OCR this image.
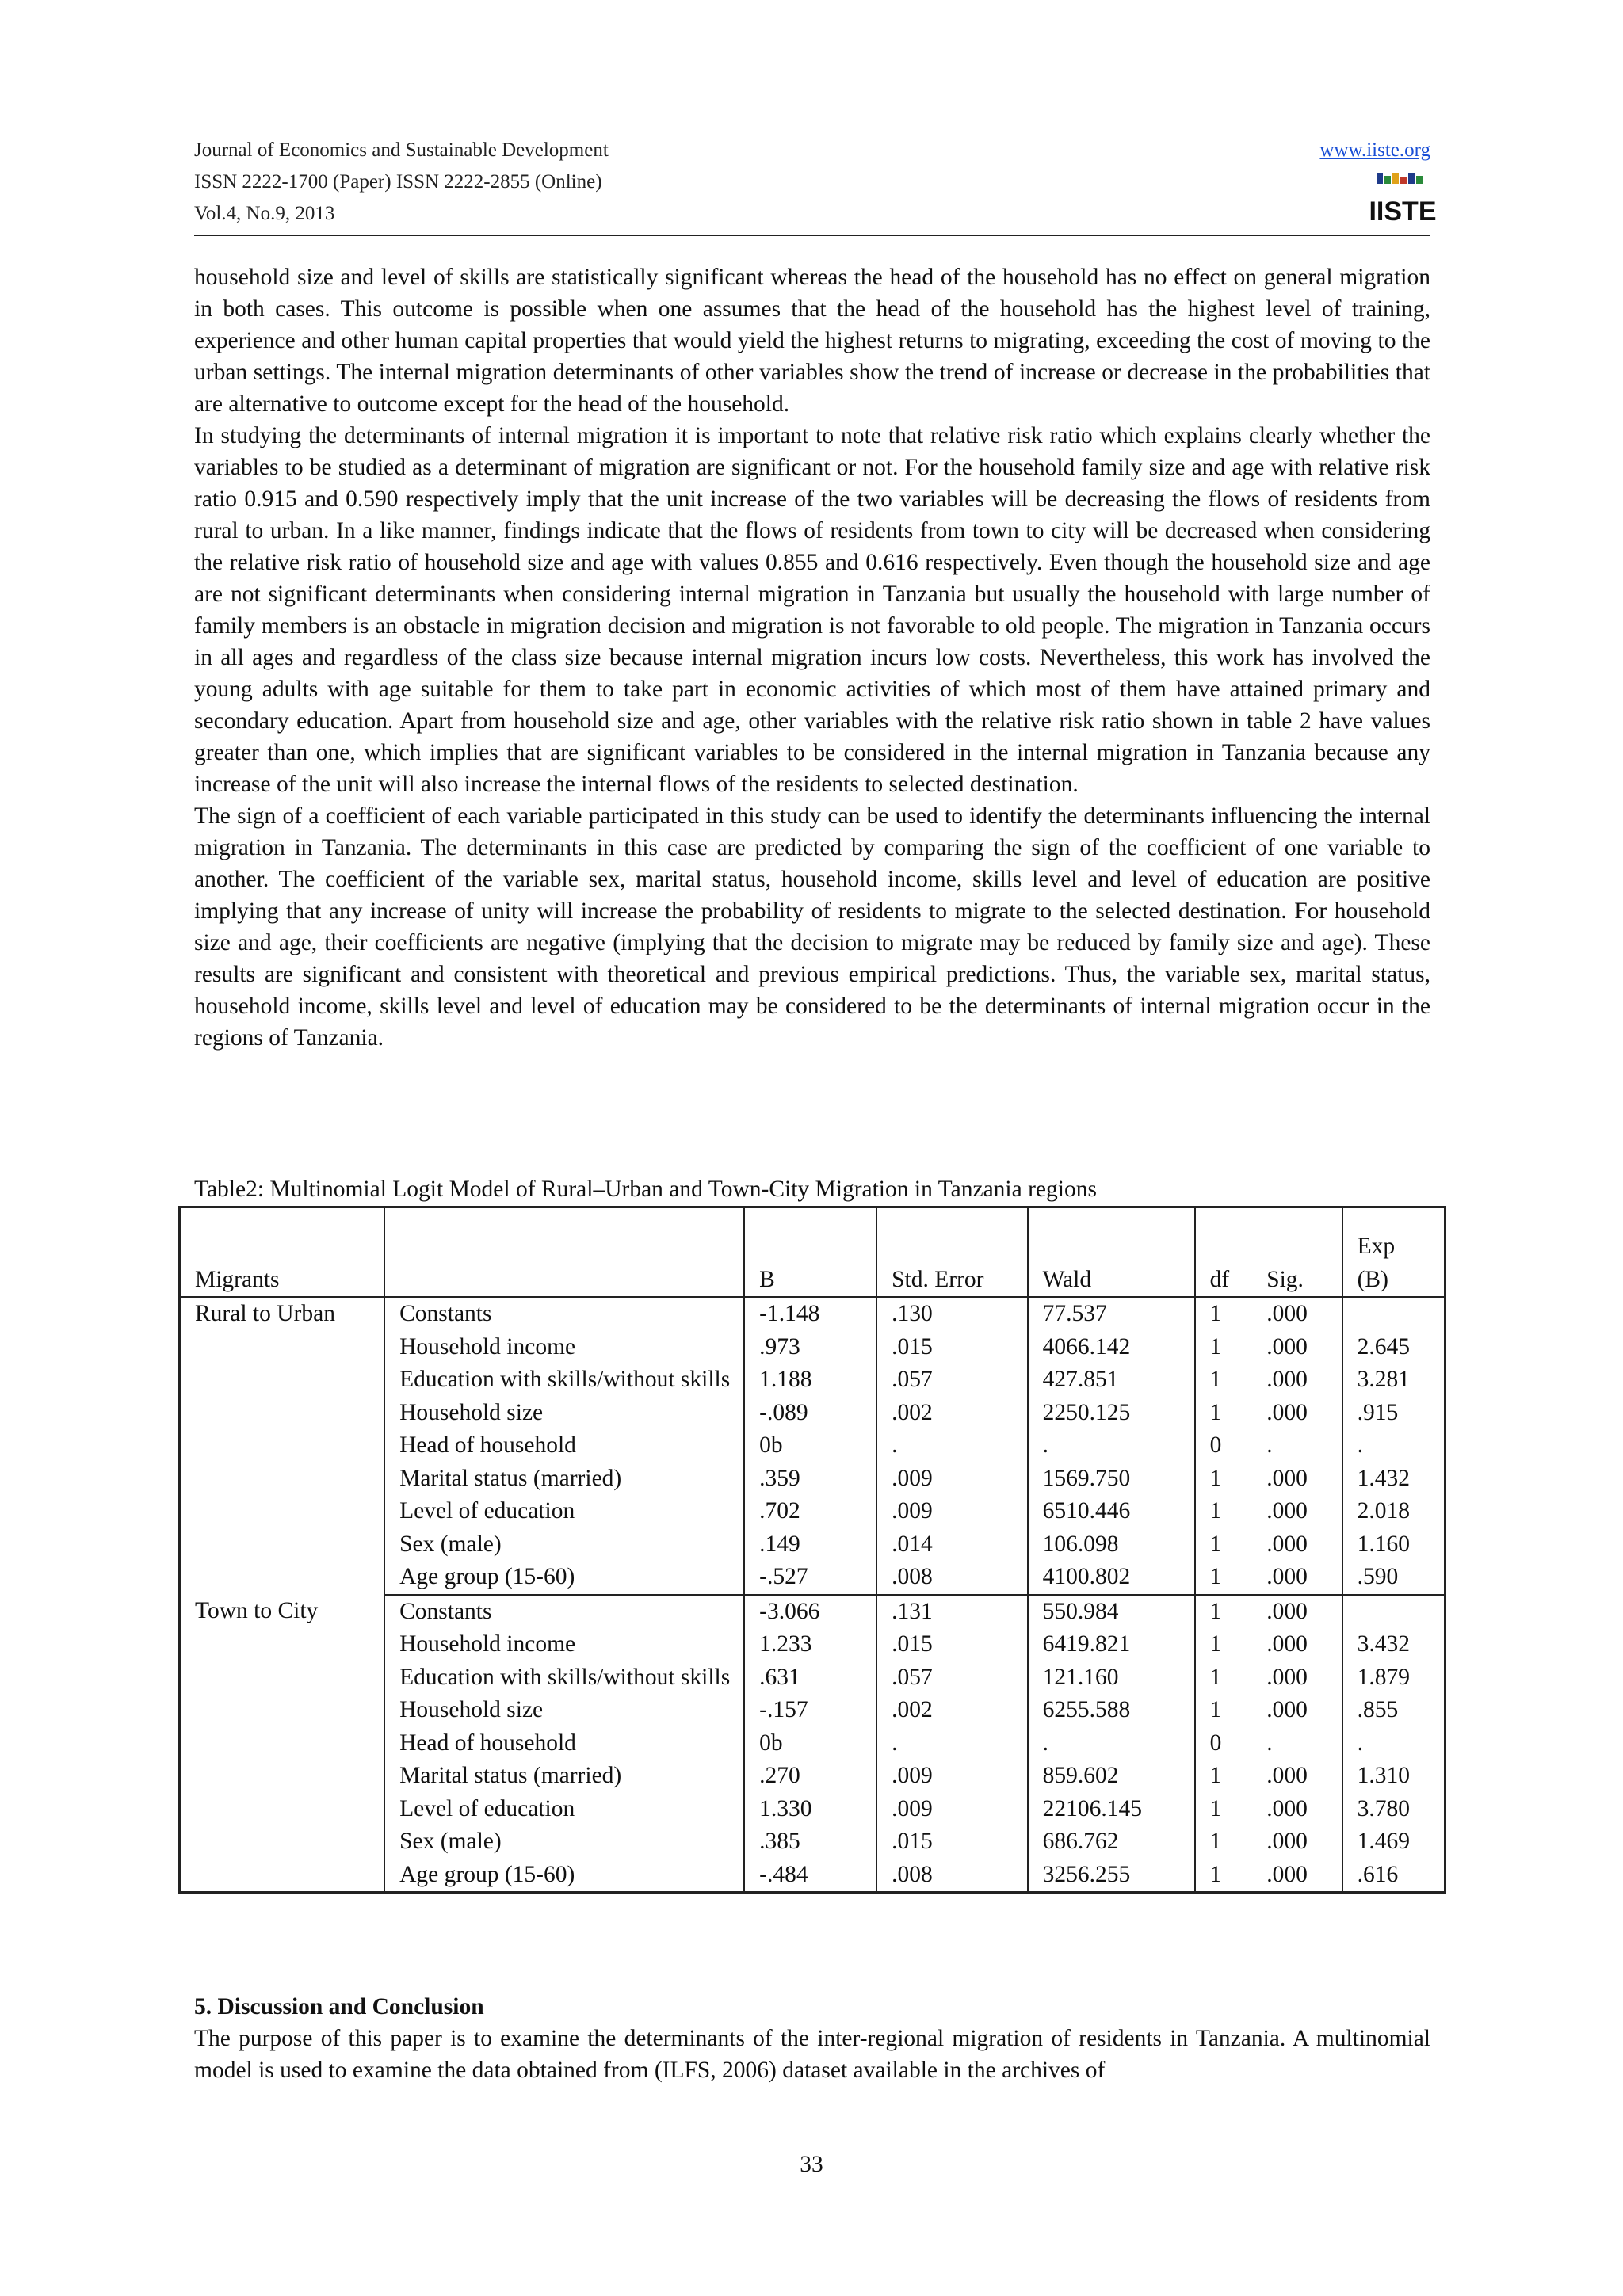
Journal of Economics and Sustainable Development
ISSN 2222-1700 (Paper) ISSN 2222-2855 (Online)
Vol.4, No.9, 2013
www.iiste.org
IISTE

household size and level of skills are statistically significant whereas the head of the household has no effect on general migration in both cases. This outcome is possible when one assumes that the head of the household has the highest level of training, experience and other human capital properties that would yield the highest returns to migrating, exceeding the cost of moving to the urban settings. The internal migration determinants of other variables show the trend of increase or decrease in the probabilities that are alternative to outcome except for the head of the household.

In studying the determinants of internal migration it is important to note that relative risk ratio which explains clearly whether the variables to be studied as a determinant of migration are significant or not. For the household family size and age with relative risk ratio 0.915 and 0.590 respectively imply that the unit increase of the two variables will be decreasing the flows of residents from rural to urban. In a like manner, findings indicate that the flows of residents from town to city will be decreased when considering the relative risk ratio of household size and age with values 0.855 and 0.616 respectively. Even though the household size and age are not significant determinants when considering internal migration in Tanzania but usually the household with large number of family members is an obstacle in migration decision and migration is not favorable to old people. The migration in Tanzania occurs in all ages and regardless of the class size because internal migration incurs low costs. Nevertheless, this work has involved the young adults with age suitable for them to take part in economic activities of which most of them have attained primary and secondary education. Apart from household size and age, other variables with the relative risk ratio shown in table 2 have values greater than one, which implies that are significant variables to be considered in the internal migration in Tanzania because any increase of the unit will also increase the internal flows of the residents to selected destination.

The sign of a coefficient of each variable participated in this study can be used to identify the determinants influencing the internal migration in Tanzania. The determinants in this case are predicted by comparing the sign of the coefficient of one variable to another. The coefficient of the variable sex, marital status, household income, skills level and level of education are positive implying that any increase of unity will increase the probability of residents to migrate to the selected destination. For household size and age, their coefficients are negative (implying that the decision to migrate may be reduced by family size and age). These results are significant and consistent with theoretical and previous empirical predictions. Thus, the variable sex, marital status, household income, skills level and level of education may be considered to be the determinants of internal migration occur in the regions of Tanzania.

Table2: Multinomial Logit Model of Rural–Urban and Town-City Migration in Tanzania regions
Migrants		B	Std. Error	Wald	df	Sig.	Exp
(B)
Rural to Urban	Constants	-1.148	.130	77.537	1	.000	
	Household income	.973	.015	4066.142	1	.000	2.645
	Education with skills/without skills	1.188	.057	427.851	1	.000	3.281
	Household size	-.089	.002	2250.125	1	.000	.915
	Head of household	0b	.	.	0	.	.
	Marital status (married)	.359	.009	1569.750	1	.000	1.432
	Level of education	.702	.009	6510.446	1	.000	2.018
	Sex (male)	.149	.014	106.098	1	.000	1.160
	Age group (15-60)	-.527	.008	4100.802	1	.000	.590
Town to City	Constants	-3.066	.131	550.984	1	.000	
	Household income	1.233	.015	6419.821	1	.000	3.432
	Education with skills/without skills	.631	.057	121.160	1	.000	1.879
	Household size	-.157	.002	6255.588	1	.000	.855
	Head of household	0b	.	.	0	.	.
	Marital status (married)	.270	.009	859.602	1	.000	1.310
	Level of education	1.330	.009	22106.145	1	.000	3.780
	Sex (male)	.385	.015	686.762	1	.000	1.469
	Age group (15-60)	-.484	.008	3256.255	1	.000	.616
5. Discussion and Conclusion

The purpose of this paper is to examine the determinants of the inter-regional migration of residents in Tanzania. A multinomial model is used to examine the data obtained from (ILFS, 2006) dataset available in the archives of

33
